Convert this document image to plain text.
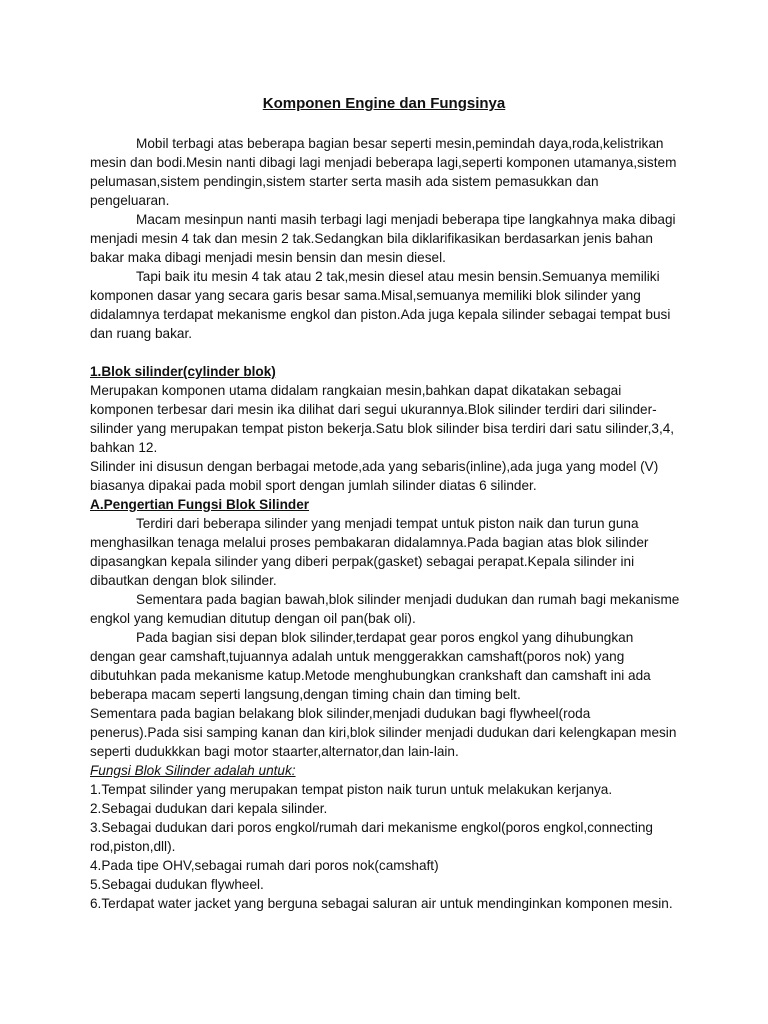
Komponen Engine dan Fungsinya

Mobil terbagi atas beberapa bagian besar seperti mesin,pemindah daya,roda,kelistrikan mesin dan bodi.Mesin nanti dibagi lagi menjadi beberapa lagi,seperti komponen utamanya,sistem pelumasan,sistem pendingin,sistem starter serta masih ada sistem pemasukkan dan pengeluaran.

Macam mesinpun nanti masih terbagi lagi menjadi beberapa tipe langkahnya maka dibagi menjadi mesin 4 tak dan mesin 2 tak.Sedangkan bila diklarifikasikan berdasarkan jenis bahan bakar maka dibagi menjadi mesin bensin dan mesin diesel.

Tapi baik itu mesin 4 tak atau 2 tak,mesin diesel atau mesin bensin.Semuanya memiliki komponen dasar yang secara garis besar sama.Misal,semuanya memiliki blok silinder yang didalamnya terdapat mekanisme engkol dan piston.Ada juga kepala silinder sebagai tempat busi dan ruang bakar.

1.Blok silinder(cylinder blok)

Merupakan komponen utama didalam rangkaian mesin,bahkan dapat dikatakan sebagai komponen terbesar dari mesin ika dilihat dari segui ukurannya.Blok silinder terdiri dari silinder-silinder yang merupakan tempat piston bekerja.Satu blok silinder bisa terdiri dari satu silinder,3,4, bahkan 12.

Silinder ini disusun dengan berbagai metode,ada yang sebaris(inline),ada juga yang model (V) biasanya dipakai pada mobil sport dengan jumlah silinder diatas 6 silinder.

A.Pengertian Fungsi Blok Silinder

Terdiri dari beberapa silinder yang menjadi tempat untuk piston naik dan turun guna menghasilkan tenaga melalui proses pembakaran didalamnya.Pada bagian atas blok silinder dipasangkan kepala silinder yang diberi perpak(gasket) sebagai perapat.Kepala silinder ini dibautkan dengan blok silinder.

Sementara pada bagian bawah,blok silinder menjadi dudukan dan rumah bagi mekanisme engkol yang kemudian ditutup dengan oil pan(bak oli).

Pada bagian sisi depan blok silinder,terdapat gear poros engkol yang dihubungkan dengan gear camshaft,tujuannya adalah untuk menggerakkan camshaft(poros nok) yang dibutuhkan pada mekanisme katup.Metode menghubungkan crankshaft dan camshaft ini ada beberapa macam seperti langsung,dengan timing chain dan timing belt.

Sementara pada bagian belakang blok silinder,menjadi dudukan bagi flywheel(roda penerus).Pada sisi samping kanan dan kiri,blok silinder menjadi dudukan dari kelengkapan mesin seperti dudukkkan bagi motor staarter,alternator,dan lain-lain.

Fungsi Blok Silinder adalah untuk:

1.Tempat silinder yang merupakan tempat piston naik turun untuk melakukan kerjanya.

2.Sebagai dudukan dari kepala silinder.

3.Sebagai dudukan dari poros engkol/rumah dari mekanisme engkol(poros engkol,connecting rod,piston,dll).

4.Pada tipe OHV,sebagai rumah dari poros nok(camshaft)

5.Sebagai dudukan flywheel.

6.Terdapat water jacket yang berguna sebagai saluran air untuk mendinginkan komponen mesin.
